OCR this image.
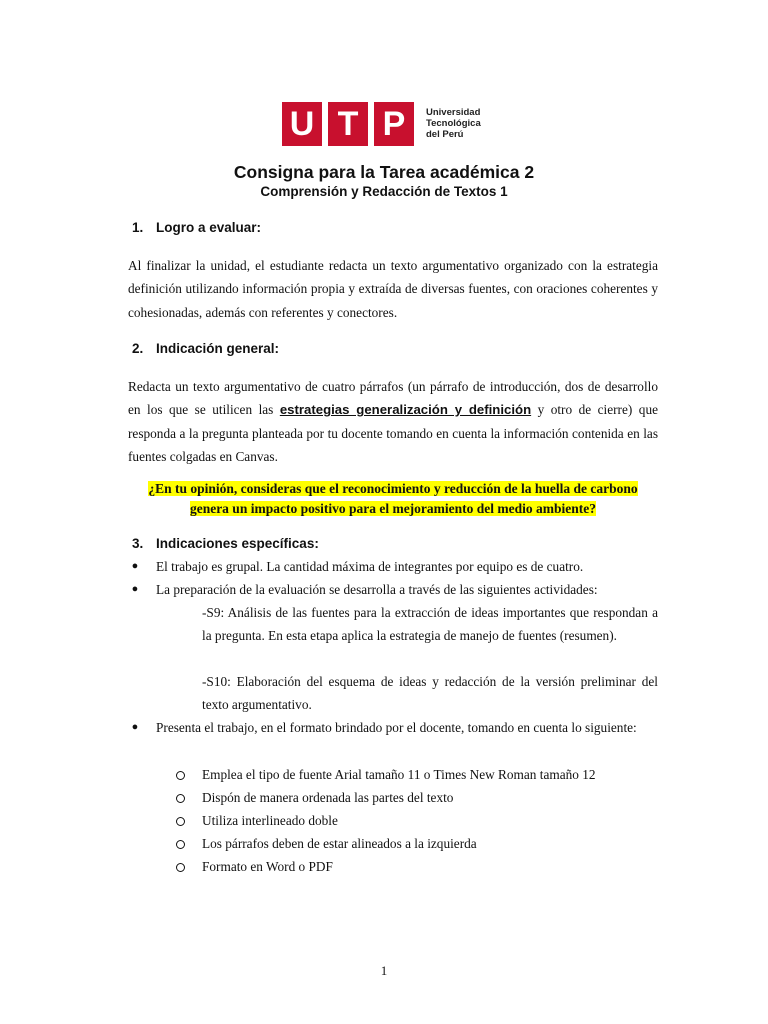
U T P	Universidad
Tecnológica
del Perú
Consigna para la Tarea académica 2
Comprensión y Redacción de Textos 1
1. Logro a evaluar:
Al finalizar la unidad, el estudiante redacta un texto argumentativo organizado con la estrategia definición utilizando información propia y extraída de diversas fuentes, con oraciones coherentes y cohesionadas, además con referentes y conectores.
2. Indicación general:
Redacta un texto argumentativo de cuatro párrafos (un párrafo de introducción, dos de desarrollo en los que se utilicen las estrategias generalización y definición y otro de cierre) que responda a la pregunta planteada por tu docente tomando en cuenta la información contenida en las fuentes colgadas en Canvas.
¿En tu opinión, consideras que el reconocimiento y reducción de la huella de carbono
genera un impacto positivo para el mejoramiento del medio ambiente?
3. Indicaciones específicas:
● El trabajo es grupal. La cantidad máxima de integrantes por equipo es de cuatro.
● La preparación de la evaluación se desarrolla a través de las siguientes actividades:
-S9: Análisis de las fuentes para la extracción de ideas importantes que respondan a la pregunta. En esta etapa aplica la estrategia de manejo de fuentes (resumen).
-S10: Elaboración del esquema de ideas y redacción de la versión preliminar del texto argumentativo.
● Presenta el trabajo, en el formato brindado por el docente, tomando en cuenta lo siguiente:
Emplea el tipo de fuente Arial tamaño 11 o Times New Roman tamaño 12
Dispón de manera ordenada las partes del texto
Utiliza interlineado doble
Los párrafos deben de estar alineados a la izquierda
Formato en Word o PDF
1
